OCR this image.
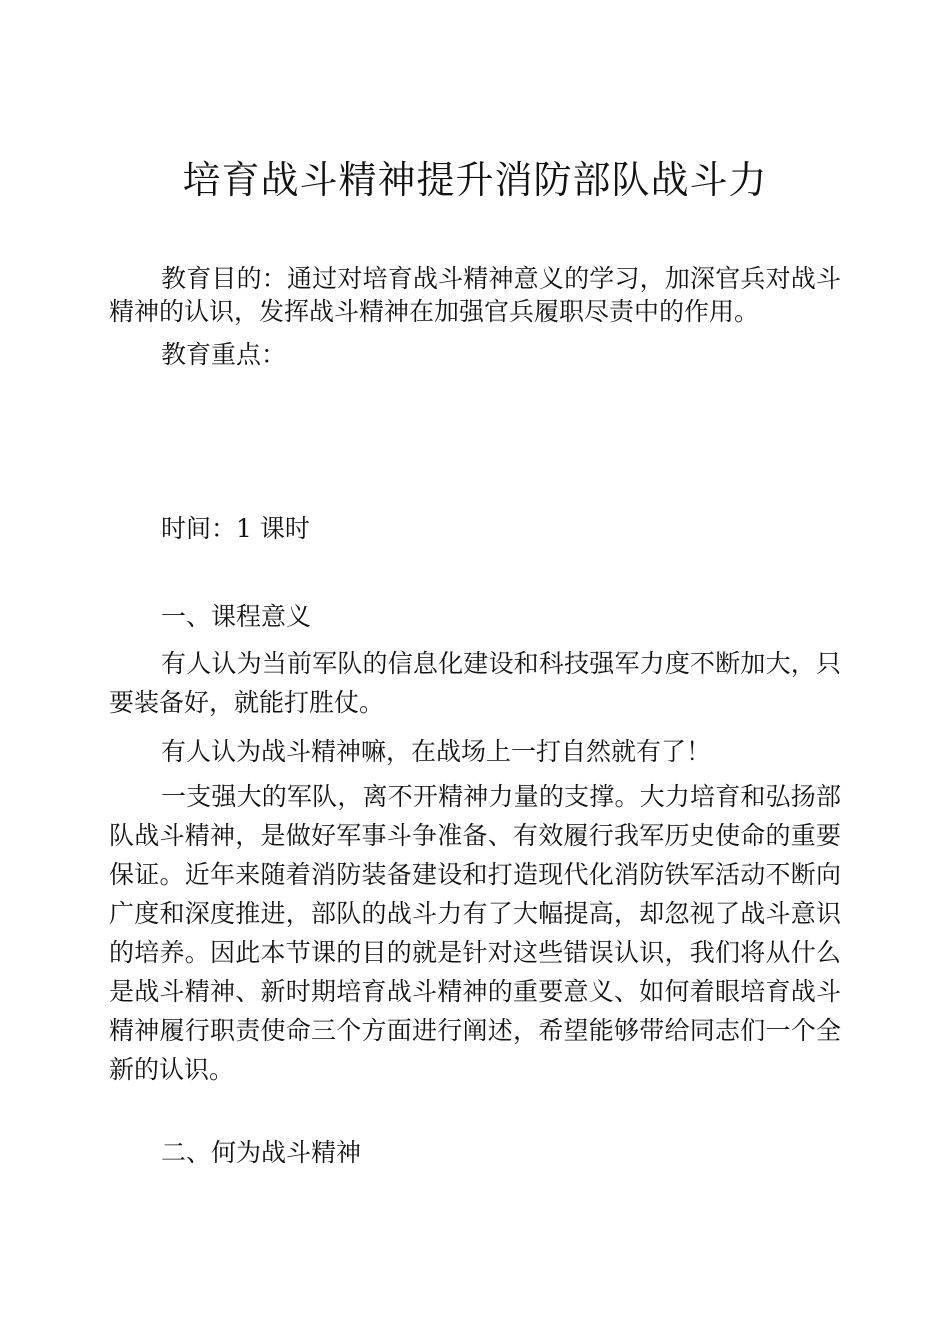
培育战斗精神提升消防部队战斗力

教育目的：通过对培育战斗精神意义的学习，加深官兵对战斗精神的认识，发挥战斗精神在加强官兵履职尽责中的作用。

教育重点：

时间：1 课时

一、课程意义

有人认为当前军队的信息化建设和科技强军力度不断加大，只要装备好，就能打胜仗。

有人认为战斗精神嘛，在战场上一打自然就有了！

一支强大的军队，离不开精神力量的支撑。大力培育和弘扬部队战斗精神，是做好军事斗争准备、有效履行我军历史使命的重要保证。近年来随着消防装备建设和打造现代化消防铁军活动不断向广度和深度推进，部队的战斗力有了大幅提高，却忽视了战斗意识的培养。因此本节课的目的就是针对这些错误认识，我们将从什么是战斗精神、新时期培育战斗精神的重要意义、如何着眼培育战斗精神履行职责使命三个方面进行阐述，希望能够带给同志们一个全新的认识。

二、何为战斗精神
